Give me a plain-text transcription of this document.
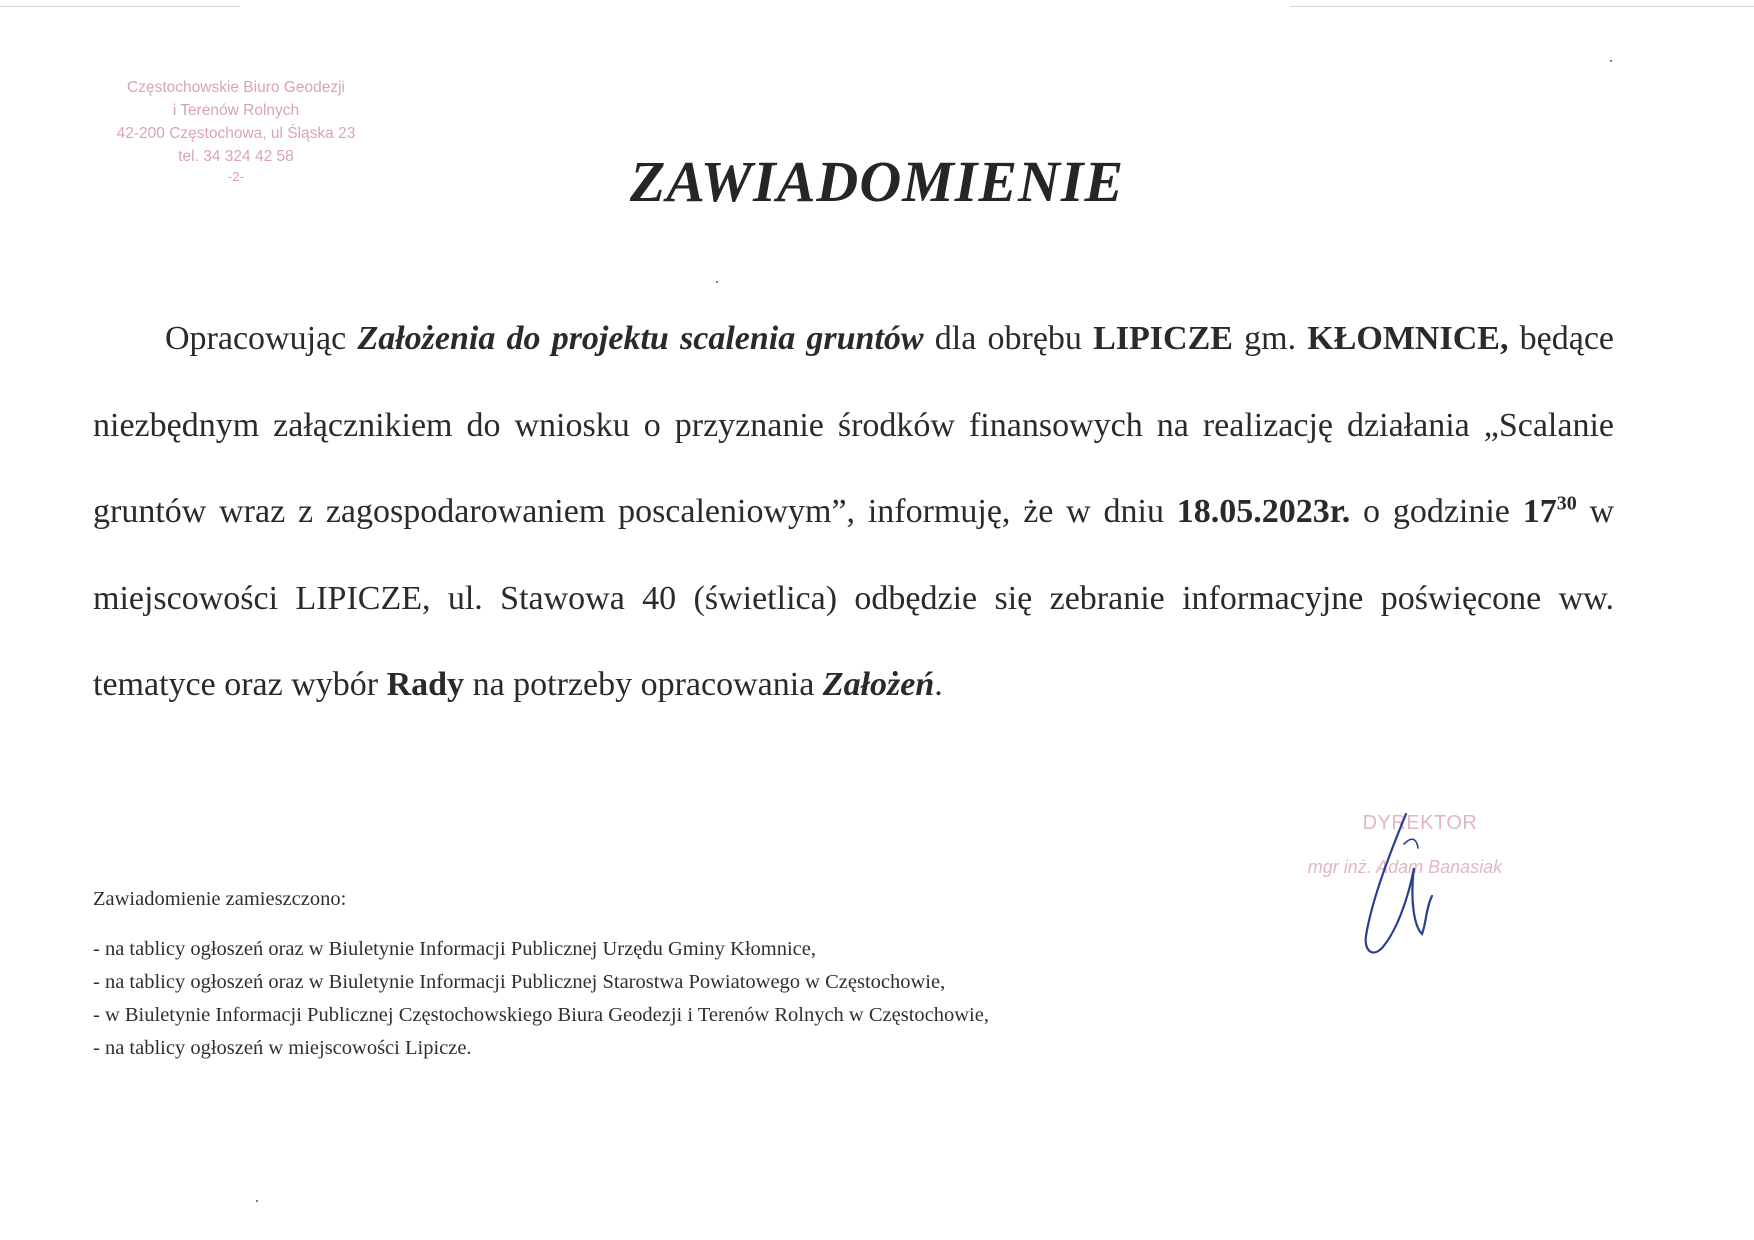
Częstochowskie Biuro Geodezji
i Terenów Rolnych
42-200 Częstochowa, ul Śląska 23
tel. 34 324 42 58
-2-	ZAWIADOMIENIE

Opracowując Założenia do projektu scalenia gruntów dla obrębu LIPICZE gm. KŁOMNICE, będące niezbędnym załącznikiem do wniosku o przyznanie środków finansowych na realizację działania „Scalanie gruntów wraz z zagospodarowaniem poscaleniowym”, informuję, że w dniu 18.05.2023r. o godzinie $17^{30}$ w miejscowości LIPICZE, ul. Stawowa 40 (świetlica) odbędzie się zebranie informacyjne poświęcone ww. tematyce oraz wybór Rady na potrzeby opracowania Założeń.

DYREKTOR
mgr inż. Adam Banasiak

Zawiadomienie zamieszczono:

- na tablicy ogłoszeń oraz w Biuletynie Informacji Publicznej Urzędu Gminy Kłomnice,
- na tablicy ogłoszeń oraz w Biuletynie Informacji Publicznej Starostwa Powiatowego w Częstochowie,
- w Biuletynie Informacji Publicznej Częstochowskiego Biura Geodezji i Terenów Rolnych w Częstochowie,
- na tablicy ogłoszeń w miejscowości Lipicze.
